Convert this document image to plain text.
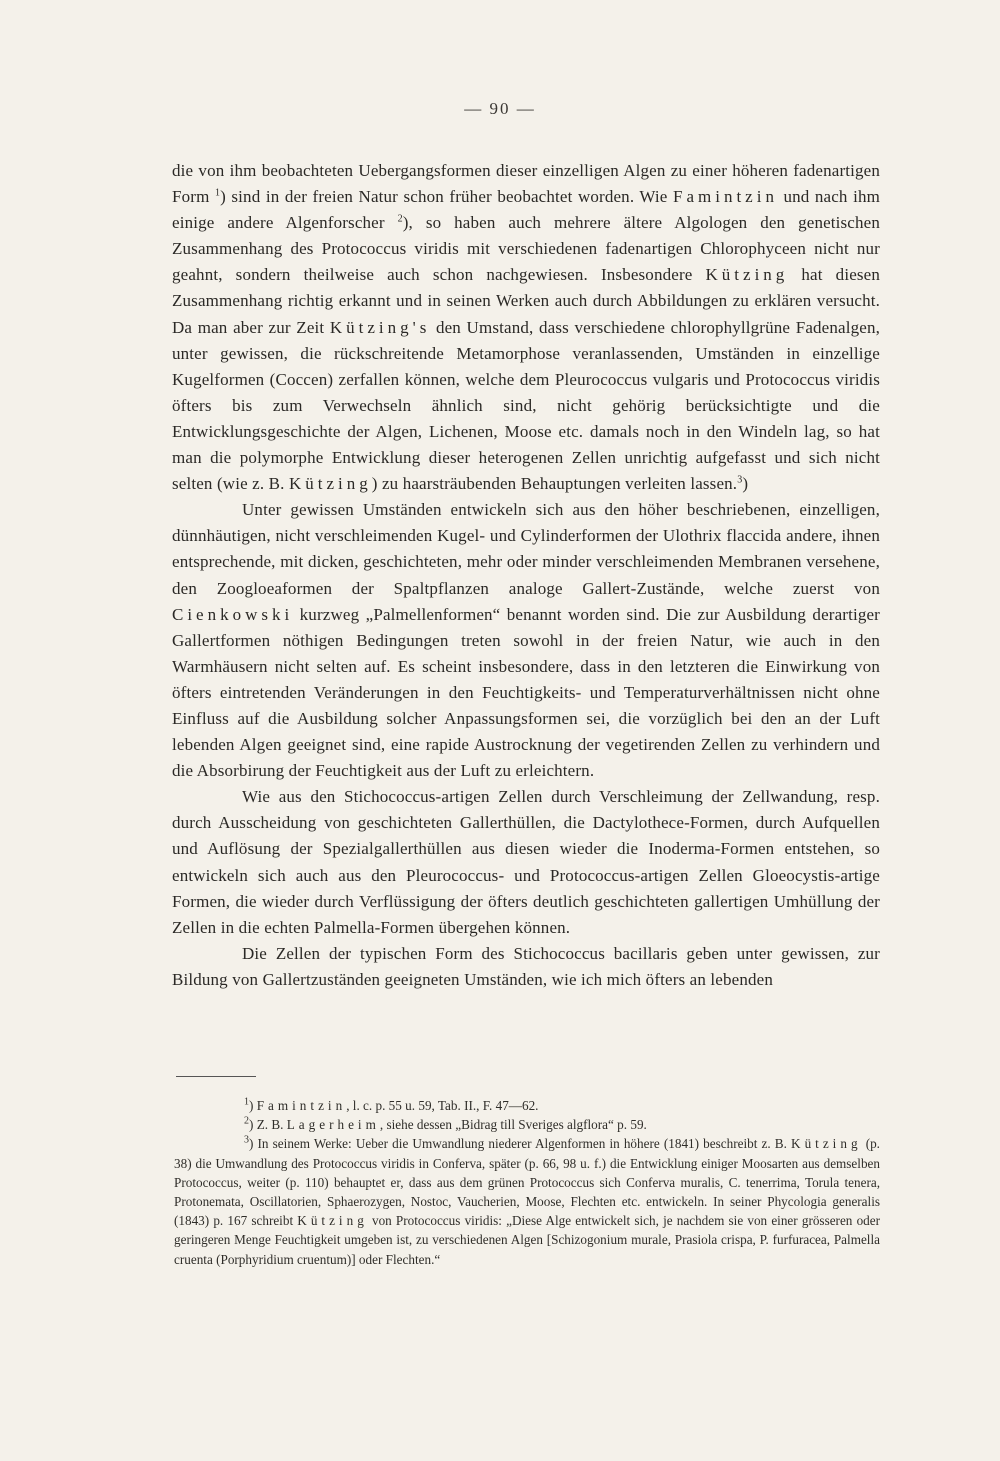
— 90 —

die von ihm beobachteten Uebergangsformen dieser einzelligen Algen zu einer höheren fadenartigen Form $^1$) sind in der freien Natur schon früher beobachtet worden. Wie Famintzin und nach ihm einige andere Algenforscher $^2$), so haben auch mehrere ältere Algologen den genetischen Zusammenhang des Protococcus viridis mit verschiedenen fadenartigen Chlorophyceen nicht nur geahnt, sondern theilweise auch schon nachgewiesen. Insbesondere Kützing hat diesen Zusammenhang richtig erkannt und in seinen Werken auch durch Abbildungen zu erklären versucht. Da man aber zur Zeit Kützing's den Umstand, dass verschiedene chlorophyllgrüne Fadenalgen, unter gewissen, die rückschreitende Metamorphose veranlassenden, Umständen in einzellige Kugelformen (Coccen) zerfallen können, welche dem Pleurococcus vulgaris und Protococcus viridis öfters bis zum Verwechseln ähnlich sind, nicht gehörig berücksichtigte und die Entwicklungsgeschichte der Algen, Lichenen, Moose etc. damals noch in den Windeln lag, so hat man die polymorphe Entwicklung dieser heterogenen Zellen unrichtig aufgefasst und sich nicht selten (wie z. B. Kützing) zu haarsträubenden Behauptungen verleiten lassen.$^3$)

Unter gewissen Umständen entwickeln sich aus den höher beschriebenen, einzelligen, dünnhäutigen, nicht verschleimenden Kugel- und Cylinderformen der Ulothrix flaccida andere, ihnen entsprechende, mit dicken, geschichteten, mehr oder minder verschleimenden Membranen versehene, den Zoogloeaformen der Spaltpflanzen analoge Gallert-Zustände, welche zuerst von Cienkowski kurzweg „Palmellenformen“ benannt worden sind. Die zur Ausbildung derartiger Gallertformen nöthigen Bedingungen treten sowohl in der freien Natur, wie auch in den Warmhäusern nicht selten auf. Es scheint insbesondere, dass in den letzteren die Einwirkung von öfters eintretenden Veränderungen in den Feuchtigkeits- und Temperaturverhältnissen nicht ohne Einfluss auf die Ausbildung solcher Anpassungsformen sei, die vorzüglich bei den an der Luft lebenden Algen geeignet sind, eine rapide Austrocknung der vegetirenden Zellen zu verhindern und die Absorbirung der Feuchtigkeit aus der Luft zu erleichtern.

Wie aus den Stichococcus-artigen Zellen durch Verschleimung der Zellwandung, resp. durch Ausscheidung von geschichteten Gallerthüllen, die Dactylothece-Formen, durch Aufquellen und Auflösung der Spezialgallerthüllen aus diesen wieder die Inoderma-Formen entstehen, so entwickeln sich auch aus den Pleurococcus- und Protococcus-artigen Zellen Gloeocystis-artige Formen, die wieder durch Verflüssigung der öfters deutlich geschichteten gallertigen Umhüllung der Zellen in die echten Palmella-Formen übergehen können.

Die Zellen der typischen Form des Stichococcus bacillaris geben unter gewissen, zur Bildung von Gallertzuständen geeigneten Umständen, wie ich mich öfters an lebenden

$^1$) Famintzin, l. c. p. 55 u. 59, Tab. II., F. 47—62.

$^2$) Z. B. Lagerheim, siehe dessen „Bidrag till Sveriges algflora“ p. 59.

$^3$) In seinem Werke: Ueber die Umwandlung niederer Algenformen in höhere (1841) beschreibt z. B. Kützing (p. 38) die Umwandlung des Protococcus viridis in Conferva, später (p. 66, 98 u. f.) die Entwicklung einiger Moosarten aus demselben Protococcus, weiter (p. 110) behauptet er, dass aus dem grünen Protococcus sich Conferva muralis, C. tenerrima, Torula tenera, Protonemata, Oscillatorien, Sphaerozygen, Nostoc, Vaucherien, Moose, Flechten etc. entwickeln. In seiner Phycologia generalis (1843) p. 167 schreibt Kützing von Protococcus viridis: „Diese Alge entwickelt sich, je nachdem sie von einer grösseren oder geringeren Menge Feuchtigkeit umgeben ist, zu verschiedenen Algen [Schizogonium murale, Prasiola crispa, P. furfuracea, Palmella cruenta (Porphyridium cruentum)] oder Flechten.“
